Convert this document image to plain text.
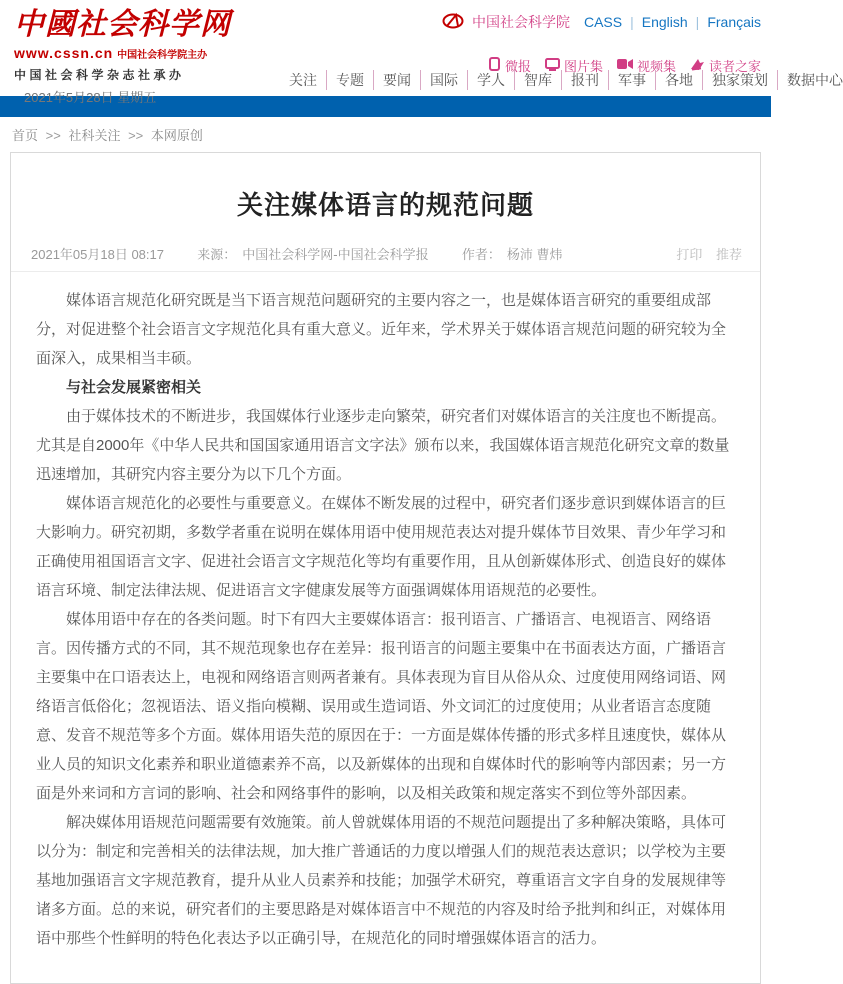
中國社会科学网
www.cssn.cn 中国社会科学院主办
中国社会科学杂志社承办
2021年5月28日 星期五
中国社会科学院 CASS | English | Français
微报	图片集	视频集	读者之家
关注	专题	要闻	国际	学人	智库	报刊	军事	各地	独家策划	数据中心
首页 >> 社科关注 >> 本网原创
关注媒体语言的规范问题
2021年05月18日 08:17	来源： 中国社会科学网-中国社会科学报	作者： 杨沛 曹炜	打印 推荐

媒体语言规范化研究既是当下语言规范问题研究的主要内容之一，也是媒体语言研究的重要组成部分，对促进整个社会语言文字规范化具有重大意义。近年来，学术界关于媒体语言规范问题的研究较为全面深入，成果相当丰硕。

与社会发展紧密相关

由于媒体技术的不断进步，我国媒体行业逐步走向繁荣，研究者们对媒体语言的关注度也不断提高。尤其是自2000年《中华人民共和国国家通用语言文字法》颁布以来，我国媒体语言规范化研究文章的数量迅速增加，其研究内容主要分为以下几个方面。

媒体语言规范化的必要性与重要意义。在媒体不断发展的过程中，研究者们逐步意识到媒体语言的巨大影响力。研究初期，多数学者重在说明在媒体用语中使用规范表达对提升媒体节目效果、青少年学习和正确使用祖国语言文字、促进社会语言文字规范化等均有重要作用，且从创新媒体形式、创造良好的媒体语言环境、制定法律法规、促进语言文字健康发展等方面强调媒体用语规范的必要性。

媒体用语中存在的各类问题。时下有四大主要媒体语言：报刊语言、广播语言、电视语言、网络语言。因传播方式的不同，其不规范现象也存在差异：报刊语言的问题主要集中在书面表达方面，广播语言主要集中在口语表达上，电视和网络语言则两者兼有。具体表现为盲目从俗从众、过度使用网络词语、网络语言低俗化；忽视语法、语义指向模糊、误用或生造词语、外文词汇的过度使用；从业者语言态度随意、发音不规范等多个方面。媒体用语失范的原因在于：一方面是媒体传播的形式多样且速度快，媒体从业人员的知识文化素养和职业道德素养不高，以及新媒体的出现和自媒体时代的影响等内部因素；另一方面是外来词和方言词的影响、社会和网络事件的影响，以及相关政策和规定落实不到位等外部因素。

解决媒体用语规范问题需要有效施策。前人曾就媒体用语的不规范问题提出了多种解决策略，具体可以分为：制定和完善相关的法律法规，加大推广普通话的力度以增强人们的规范表达意识；以学校为主要基地加强语言文字规范教育，提升从业人员素养和技能；加强学术研究，尊重语言文字自身的发展规律等诸多方面。总的来说，研究者们的主要思路是对媒体语言中不规范的内容及时给予批判和纠正，对媒体用语中那些个性鲜明的特色化表达予以正确引导，在规范化的同时增强媒体语言的活力。
